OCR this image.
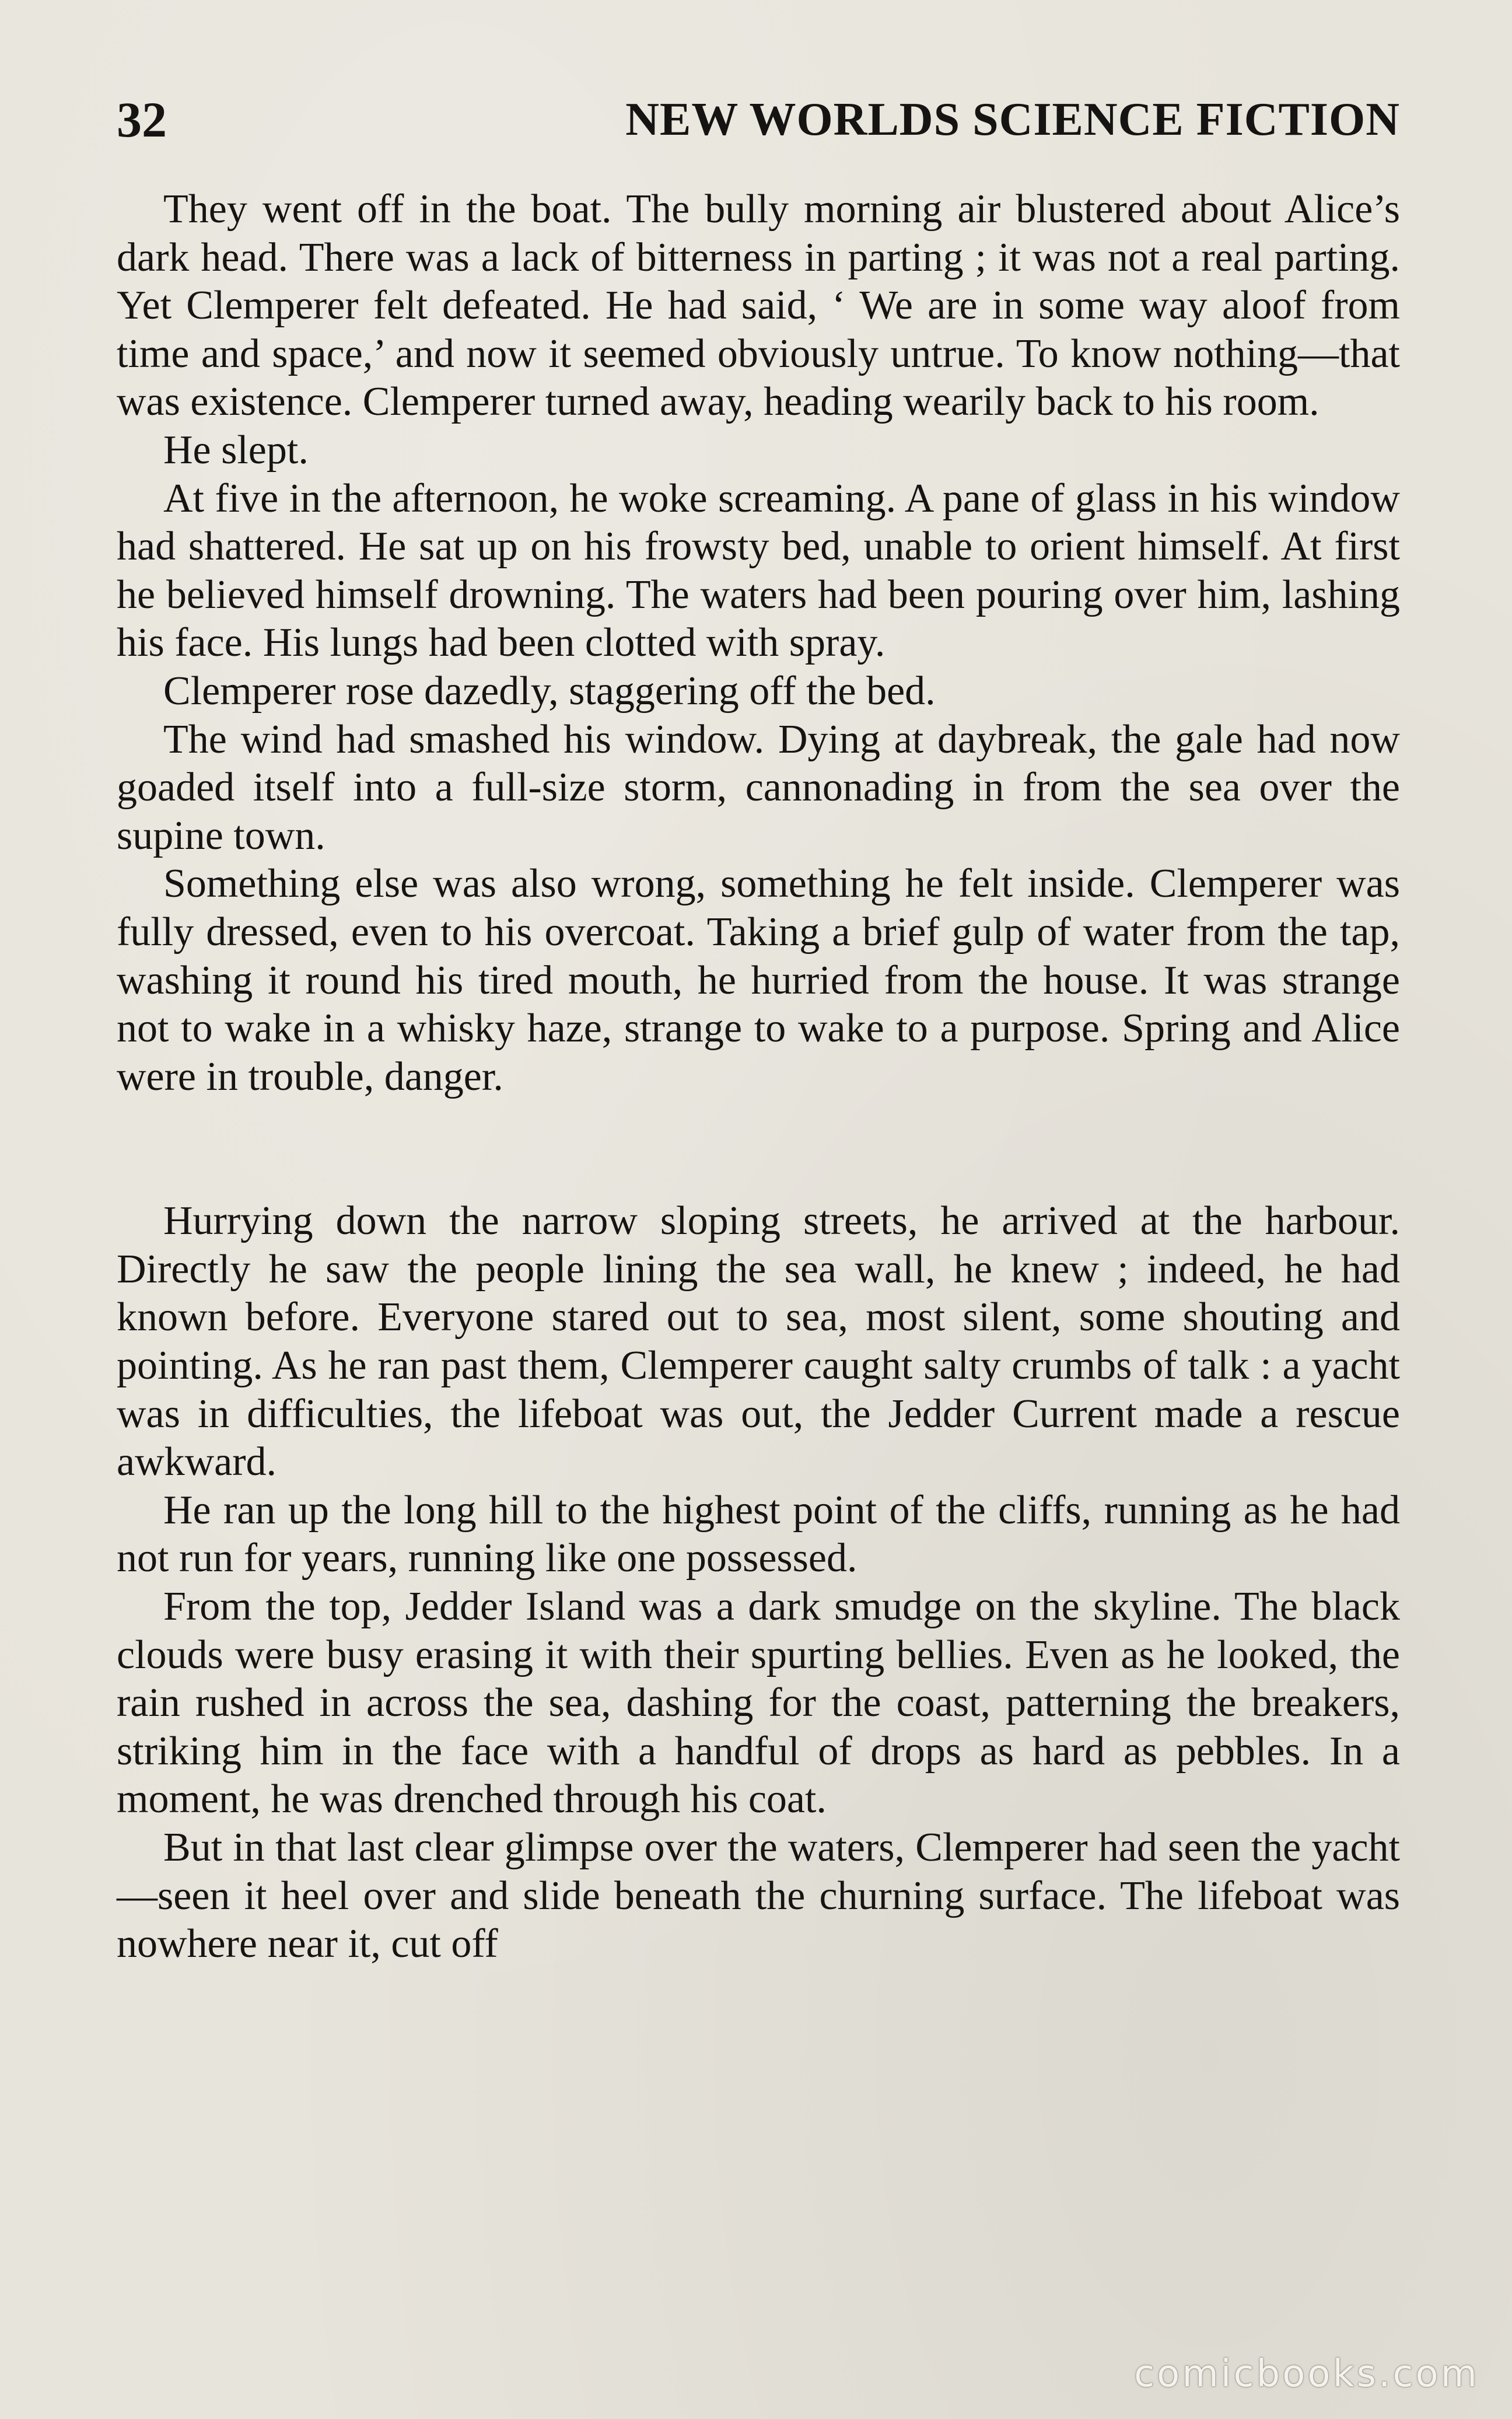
32	NEW WORLDS SCIENCE FICTION

They went off in the boat. The bully morning air blustered about Alice’s dark head. There was a lack of bitterness in parting ; it was not a real parting. Yet Clemperer felt defeated. He had said, ‘ We are in some way aloof from time and space,’ and now it seemed obviously untrue. To know nothing—that was existence. Clemperer turned away, heading wearily back to his room.

He slept.

At five in the afternoon, he woke screaming. A pane of glass in his window had shattered. He sat up on his frowsty bed, unable to orient himself. At first he believed himself drowning. The waters had been pouring over him, lashing his face. His lungs had been clotted with spray.

Clemperer rose dazedly, staggering off the bed.

The wind had smashed his window. Dying at daybreak, the gale had now goaded itself into a full-size storm, cannonading in from the sea over the supine town.

Something else was also wrong, something he felt inside. Clemperer was fully dressed, even to his overcoat. Taking a brief gulp of water from the tap, washing it round his tired mouth, he hurried from the house. It was strange not to wake in a whisky haze, strange to wake to a purpose. Spring and Alice were in trouble, danger.

Hurrying down the narrow sloping streets, he arrived at the harbour. Directly he saw the people lining the sea wall, he knew ; indeed, he had known before. Everyone stared out to sea, most silent, some shouting and pointing. As he ran past them, Clemperer caught salty crumbs of talk : a yacht was in difficulties, the lifeboat was out, the Jedder Current made a rescue awkward.

He ran up the long hill to the highest point of the cliffs, running as he had not run for years, running like one possessed.

From the top, Jedder Island was a dark smudge on the skyline. The black clouds were busy erasing it with their spurting bellies. Even as he looked, the rain rushed in across the sea, dashing for the coast, patterning the breakers, striking him in the face with a handful of drops as hard as pebbles. In a moment, he was drenched through his coat.

But in that last clear glimpse over the waters, Clemperer had seen the yacht—seen it heel over and slide beneath the churning surface. The lifeboat was nowhere near it, cut off

comicbooks.com
